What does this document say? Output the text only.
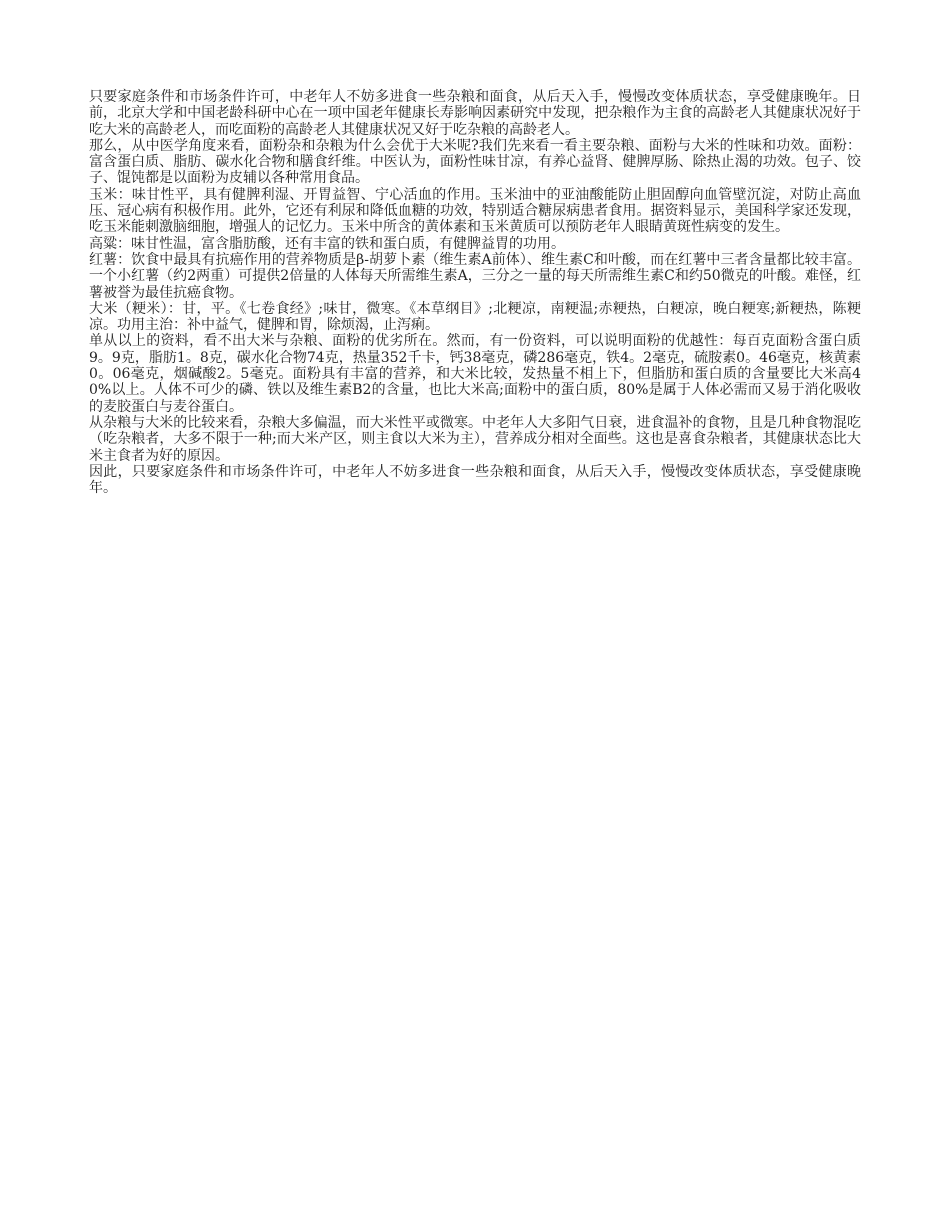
只要家庭条件和市场条件许可，中老年人不妨多进食一些杂粮和面食，从后天入手，慢慢改变体质状态，享受健康晚年。日前，北京大学和中国老龄科研中心在一项中国老年健康长寿影响因素研究中发现，把杂粮作为主食的高龄老人其健康状况好于吃大米的高龄老人，而吃面粉的高龄老人其健康状况又好于吃杂粮的高龄老人。

那么，从中医学角度来看，面粉杂和杂粮为什么会优于大米呢?我们先来看一看主要杂粮、面粉与大米的性味和功效。面粉：富含蛋白质、脂肪、碳水化合物和膳食纤维。中医认为，面粉性味甘凉，有养心益肾、健脾厚肠、除热止渴的功效。包子、饺子、馄饨都是以面粉为皮辅以各种常用食品。

玉米：味甘性平，具有健脾利湿、开胃益智、宁心活血的作用。玉米油中的亚油酸能防止胆固醇向血管壁沉淀，对防止高血压、冠心病有积极作用。此外，它还有利尿和降低血糖的功效，特别适合糖尿病患者食用。据资料显示，美国科学家还发现，吃玉米能刺激脑细胞，增强人的记忆力。玉米中所含的黄体素和玉米黄质可以预防老年人眼睛黄斑性病变的发生。

高粱：味甘性温，富含脂肪酸，还有丰富的铁和蛋白质，有健脾益胃的功用。

红薯：饮食中最具有抗癌作用的营养物质是β-胡萝卜素（维生素A前体）、维生素C和叶酸，而在红薯中三者含量都比较丰富。一个小红薯（约2两重）可提供2倍量的人体每天所需维生素A，三分之一量的每天所需维生素C和约50微克的叶酸。难怪，红薯被誉为最佳抗癌食物。

大米（粳米）：甘，平。《七卷食经》;味甘，微寒。《本草纲目》;北粳凉，南粳温;赤粳热，白粳凉，晚白粳寒;新粳热，陈粳凉。功用主治：补中益气，健脾和胃，除烦渴，止泻痢。

单从以上的资料，看不出大米与杂粮、面粉的优劣所在。然而，有一份资料，可以说明面粉的优越性：每百克面粉含蛋白质9。9克，脂肪1。8克，碳水化合物74克，热量352千卡，钙38毫克，磷286毫克，铁4。2毫克，硫胺素0。46毫克，核黄素0。06毫克，烟碱酸2。5毫克。面粉具有丰富的营养，和大米比较，发热量不相上下，但脂肪和蛋白质的含量要比大米高40%以上。人体不可少的磷、铁以及维生素B2的含量，也比大米高;面粉中的蛋白质，80%是属于人体必需而又易于消化吸收的麦胶蛋白与麦谷蛋白。

从杂粮与大米的比较来看，杂粮大多偏温，而大米性平或微寒。中老年人大多阳气日衰，进食温补的食物，且是几种食物混吃（吃杂粮者，大多不限于一种;而大米产区，则主食以大米为主），营养成分相对全面些。这也是喜食杂粮者，其健康状态比大米主食者为好的原因。

因此，只要家庭条件和市场条件许可，中老年人不妨多进食一些杂粮和面食，从后天入手，慢慢改变体质状态，享受健康晚年。
